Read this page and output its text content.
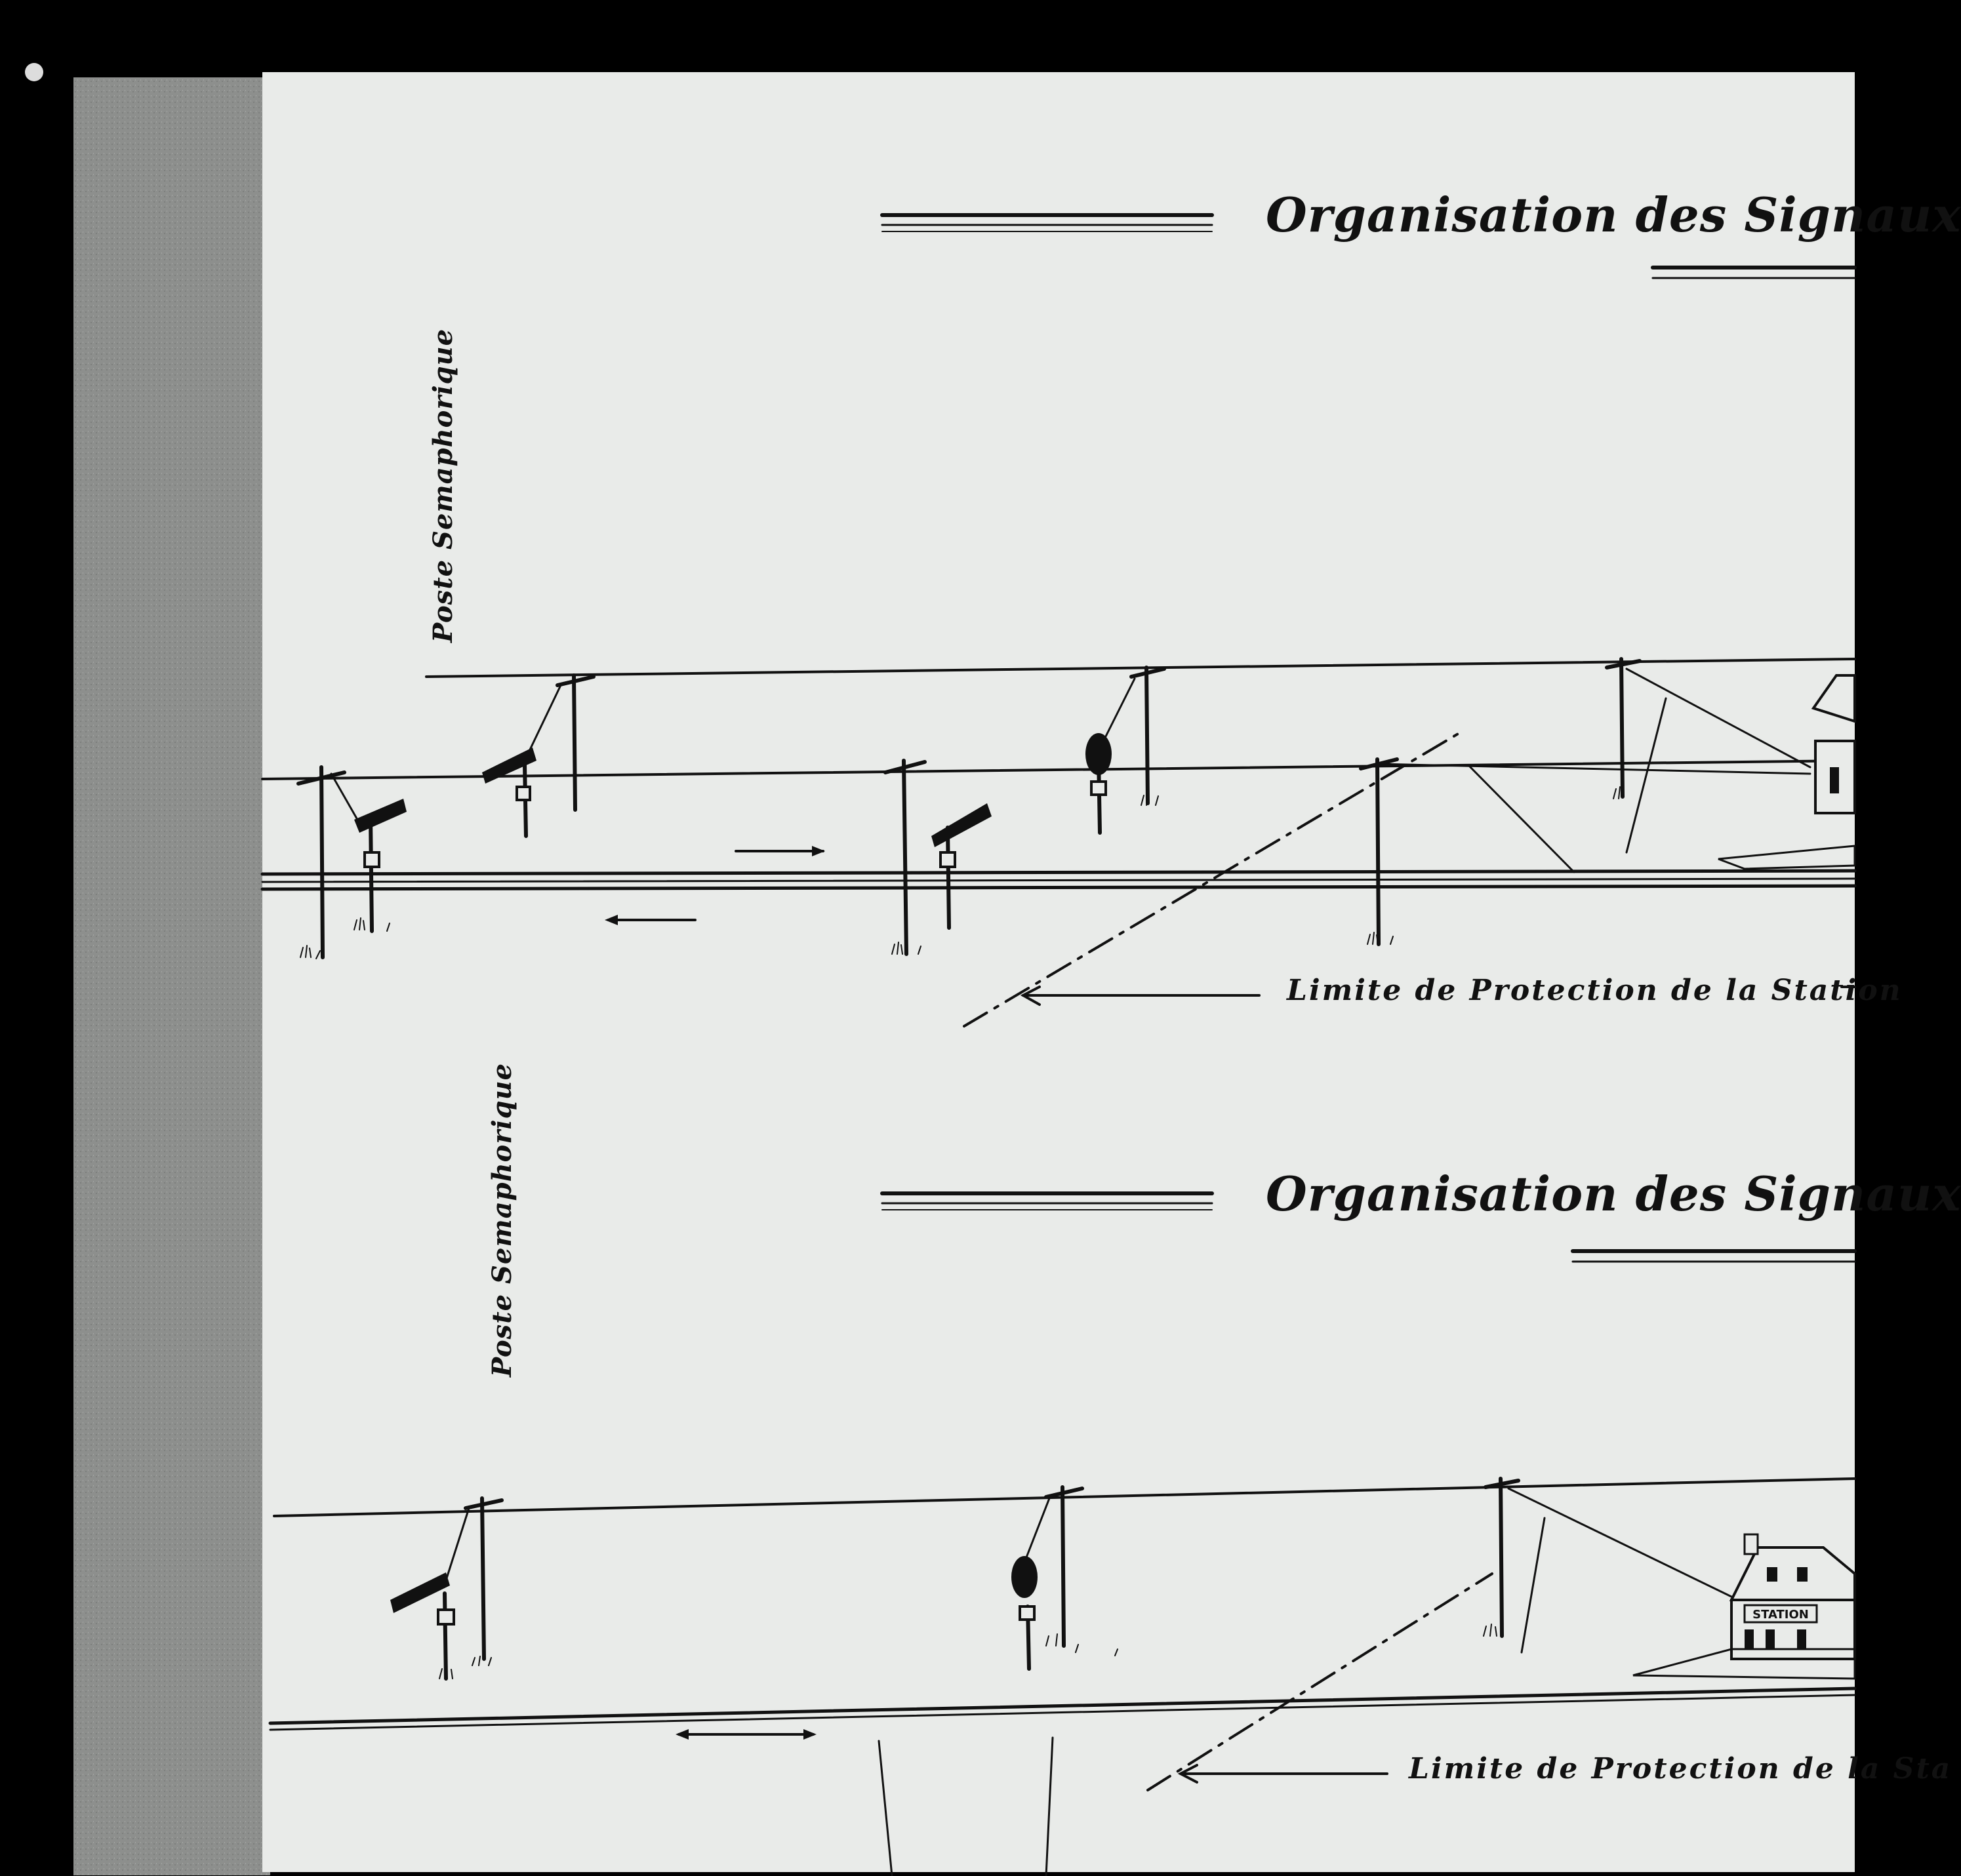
STATION
Organisation des Signaux
Poste Semaphorique
Limite de Protection de la Station
Organisation des Signaux
Poste Semaphorique
Limite de Protection de la Sta
